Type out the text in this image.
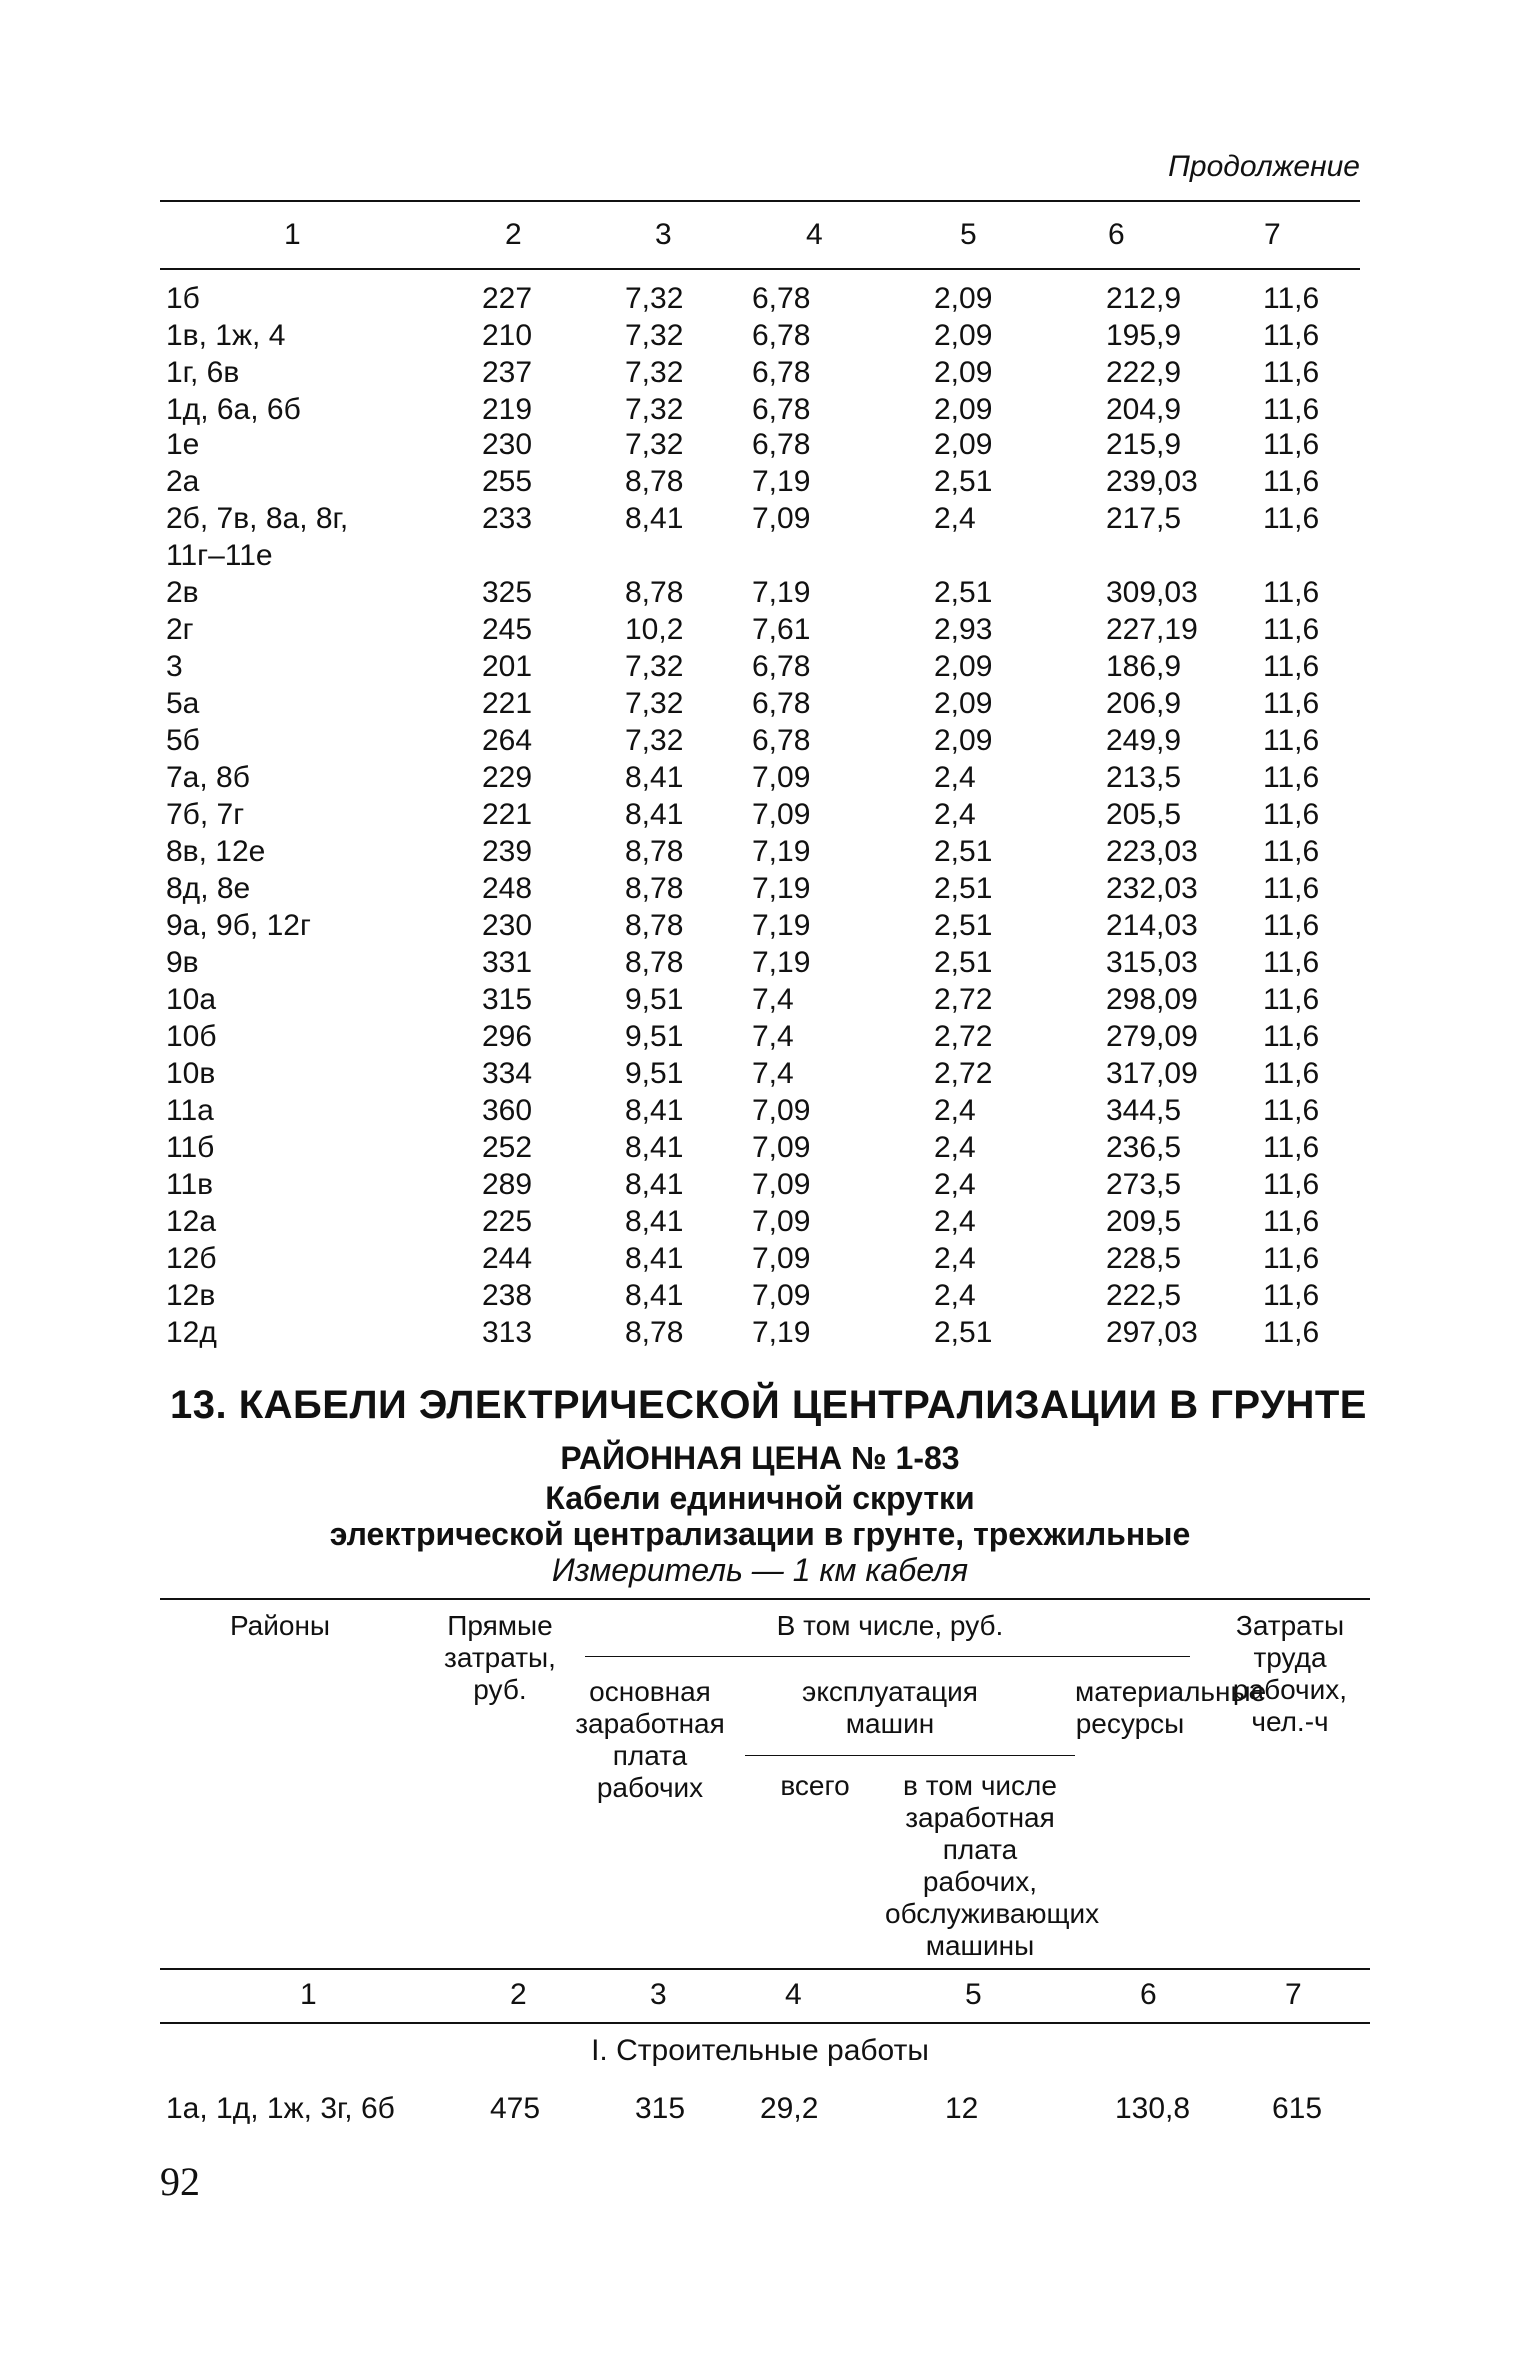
Продолжение
1	2	3	4	5	6	7
1б	227	7,32 6,78	2,09	212,9	11,6
1в, 1ж, 4	210	7,32 6,78	2,09	195,9	11,6
1г, 6в	237	7,32 6,78	2,09	222,9	11,6
1д, 6а, 6б	219	7,32 6,78	2,09	204,9	11,6
1е	230	7,32 6,78	2,09	215,9	11,6
2а	255	8,78 7,19	2,51	239,03 11,6
2б, 7в, 8а, 8г,	233	8,41 7,09	2,4	217,5	11,6
11г–11е
2в	325	8,78 7,19	2,51	309,03 11,6
2г	245	10,2 7,61	2,93	227,19 11,6
3	201	7,32 6,78	2,09	186,9	11,6
5а	221	7,32 6,78	2,09	206,9	11,6
5б	264	7,32 6,78	2,09	249,9	11,6
7а, 8б	229	8,41 7,09	2,4	213,5	11,6
7б, 7г	221	8,41 7,09	2,4	205,5	11,6
8в, 12е	239	8,78 7,19	2,51	223,03 11,6
8д, 8е	248	8,78 7,19	2,51	232,03 11,6
9а, 9б, 12г	230	8,78 7,19	2,51	214,03 11,6
9в	331	8,78 7,19	2,51	315,03 11,6
10а	315	9,51 7,4	2,72	298,09 11,6
10б	296	9,51 7,4	2,72	279,09 11,6
10в	334	9,51 7,4	2,72	317,09 11,6
11а	360	8,41 7,09	2,4	344,5	11,6
11б	252	8,41 7,09	2,4	236,5	11,6
11в	289	8,41 7,09	2,4	273,5	11,6
12а	225	8,41 7,09	2,4	209,5	11,6
12б	244	8,41 7,09	2,4	228,5	11,6
12в	238	8,41 7,09	2,4	222,5	11,6
12д	313	8,78 7,19	2,51	297,03 11,6
13. КАБЕЛИ ЭЛЕКТРИЧЕСКОЙ ЦЕНТРАЛИЗАЦИИ В ГРУНТЕ
РАЙОННАЯ ЦЕНА № 1-83
Кабели единичной скрутки
электрической централизации в грунте, трехжильные
Измеритель — 1 км кабеля
Районы	Прямые затраты, руб.
В том числе, руб.
основная заработная плата рабочих
эксплуатация машин
всего	в том числе заработная плата рабочих, обслуживающих машины
материальные ресурсы
Затраты труда рабочих, чел.-ч
1	2	3	4	5	6	7
I. Строительные работы
1а, 1д, 1ж, 3г, 6б	475	315 29,2	12	130,8	615
92
